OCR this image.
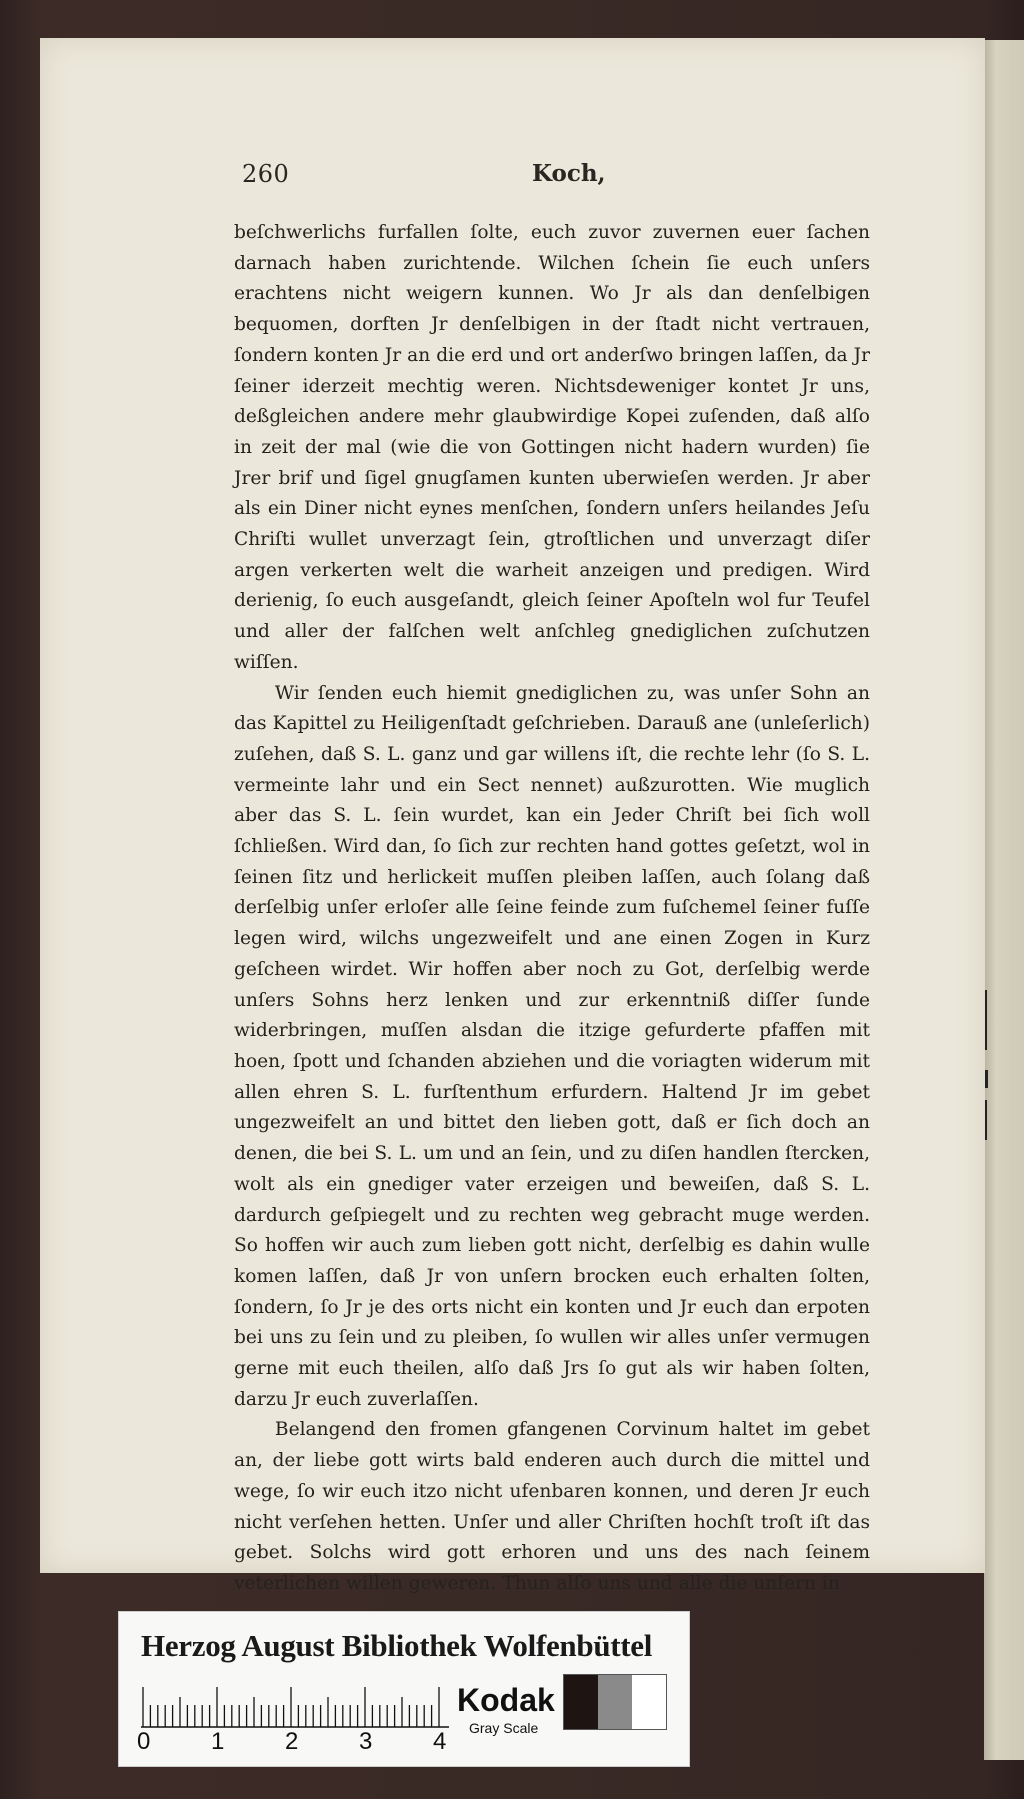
260	Koch,

beſchwerlichs furfallen ſolte, euch zuvor zuvernen euer ſachen darnach haben zurichtende. Wilchen ſchein ſie euch unſers erachtens nicht weigern kunnen. Wo Jr als dan denſelbigen bequomen, dorften Jr denſelbigen in der ſtadt nicht vertrauen, ſondern konten Jr an die erd und ort anderſwo bringen laſſen, da Jr ſeiner iderzeit mechtig weren. Nichtsdeweniger kontet Jr uns, deßgleichen andere mehr glaubwirdige Kopei zuſenden, daß alſo in zeit der mal (wie die von Gottingen nicht hadern wurden) ſie Jrer brif und ſigel gnugſamen kunten uberwieſen werden. Jr aber als ein Diner nicht eynes menſchen, ſondern unſers heilandes Jeſu Chriſti wullet unverzagt ſein, gtroſtlichen und unverzagt diſer argen verkerten welt die warheit anzeigen und predigen. Wird derienig, ſo euch ausgeſandt, gleich ſeiner Apoſteln wol fur Teufel und aller der falſchen welt anſchleg gnediglichen zuſchutzen wiſſen.

Wir ſenden euch hiemit gnediglichen zu, was unſer Sohn an das Kapittel zu Heiligenſtadt geſchrieben. Darauß ane (unleſerlich) zuſehen, daß S. L. ganz und gar willens iſt, die rechte lehr (ſo S. L. vermeinte lahr und ein Sect nennet) außzurotten. Wie muglich aber das S. L. ſein wurdet, kan ein Jeder Chriſt bei ſich woll ſchließen. Wird dan, ſo ſich zur rechten hand gottes geſetzt, wol in ſeinen ſitz und herlickeit muſſen pleiben laſſen, auch ſolang daß derſelbig unſer erloſer alle ſeine feinde zum fuſchemel ſeiner fuſſe legen wird, wilchs ungezweifelt und ane einen Zogen in Kurz geſcheen wirdet. Wir hoffen aber noch zu Got, derſelbig werde unſers Sohns herz lenken und zur erkenntniß diſſer ſunde widerbringen, muſſen alsdan die itzige gefurderte pfaffen mit hoen, ſpott und ſchanden abziehen und die voriagten widerum mit allen ehren S. L. furſtenthum erfurdern. Haltend Jr im gebet ungezweifelt an und bittet den lieben gott, daß er ſich doch an denen, die bei S. L. um und an ſein, und zu diſen handlen ſtercken, wolt als ein gnediger vater erzeigen und beweiſen, daß S. L. dardurch geſpiegelt und zu rechten weg gebracht muge werden. So hoffen wir auch zum lieben gott nicht, derſelbig es dahin wulle komen laſſen, daß Jr von unſern brocken euch erhalten ſolten, ſondern, ſo Jr je des orts nicht ein konten und Jr euch dan erpoten bei uns zu ſein und zu pleiben, ſo wullen wir alles unſer vermugen gerne mit euch theilen, alſo daß Jrs ſo gut als wir haben ſolten, darzu Jr euch zuverlaſſen.

Belangend den fromen gfangenen Corvinum haltet im gebet an, der liebe gott wirts bald enderen auch durch die mittel und wege, ſo wir euch itzo nicht ufenbaren konnen, und deren Jr euch nicht verſehen hetten. Unſer und aller Chriſten hochſt troſt iſt das gebet. Solchs wird gott erhoren und uns des nach ſeinem veterlichen willen geweren. Thun alſo uns und alle die unſern in

Herzog August Bibliothek Wolfenbüttel
0	1	2	3	4
Kodak
Gray Scale
